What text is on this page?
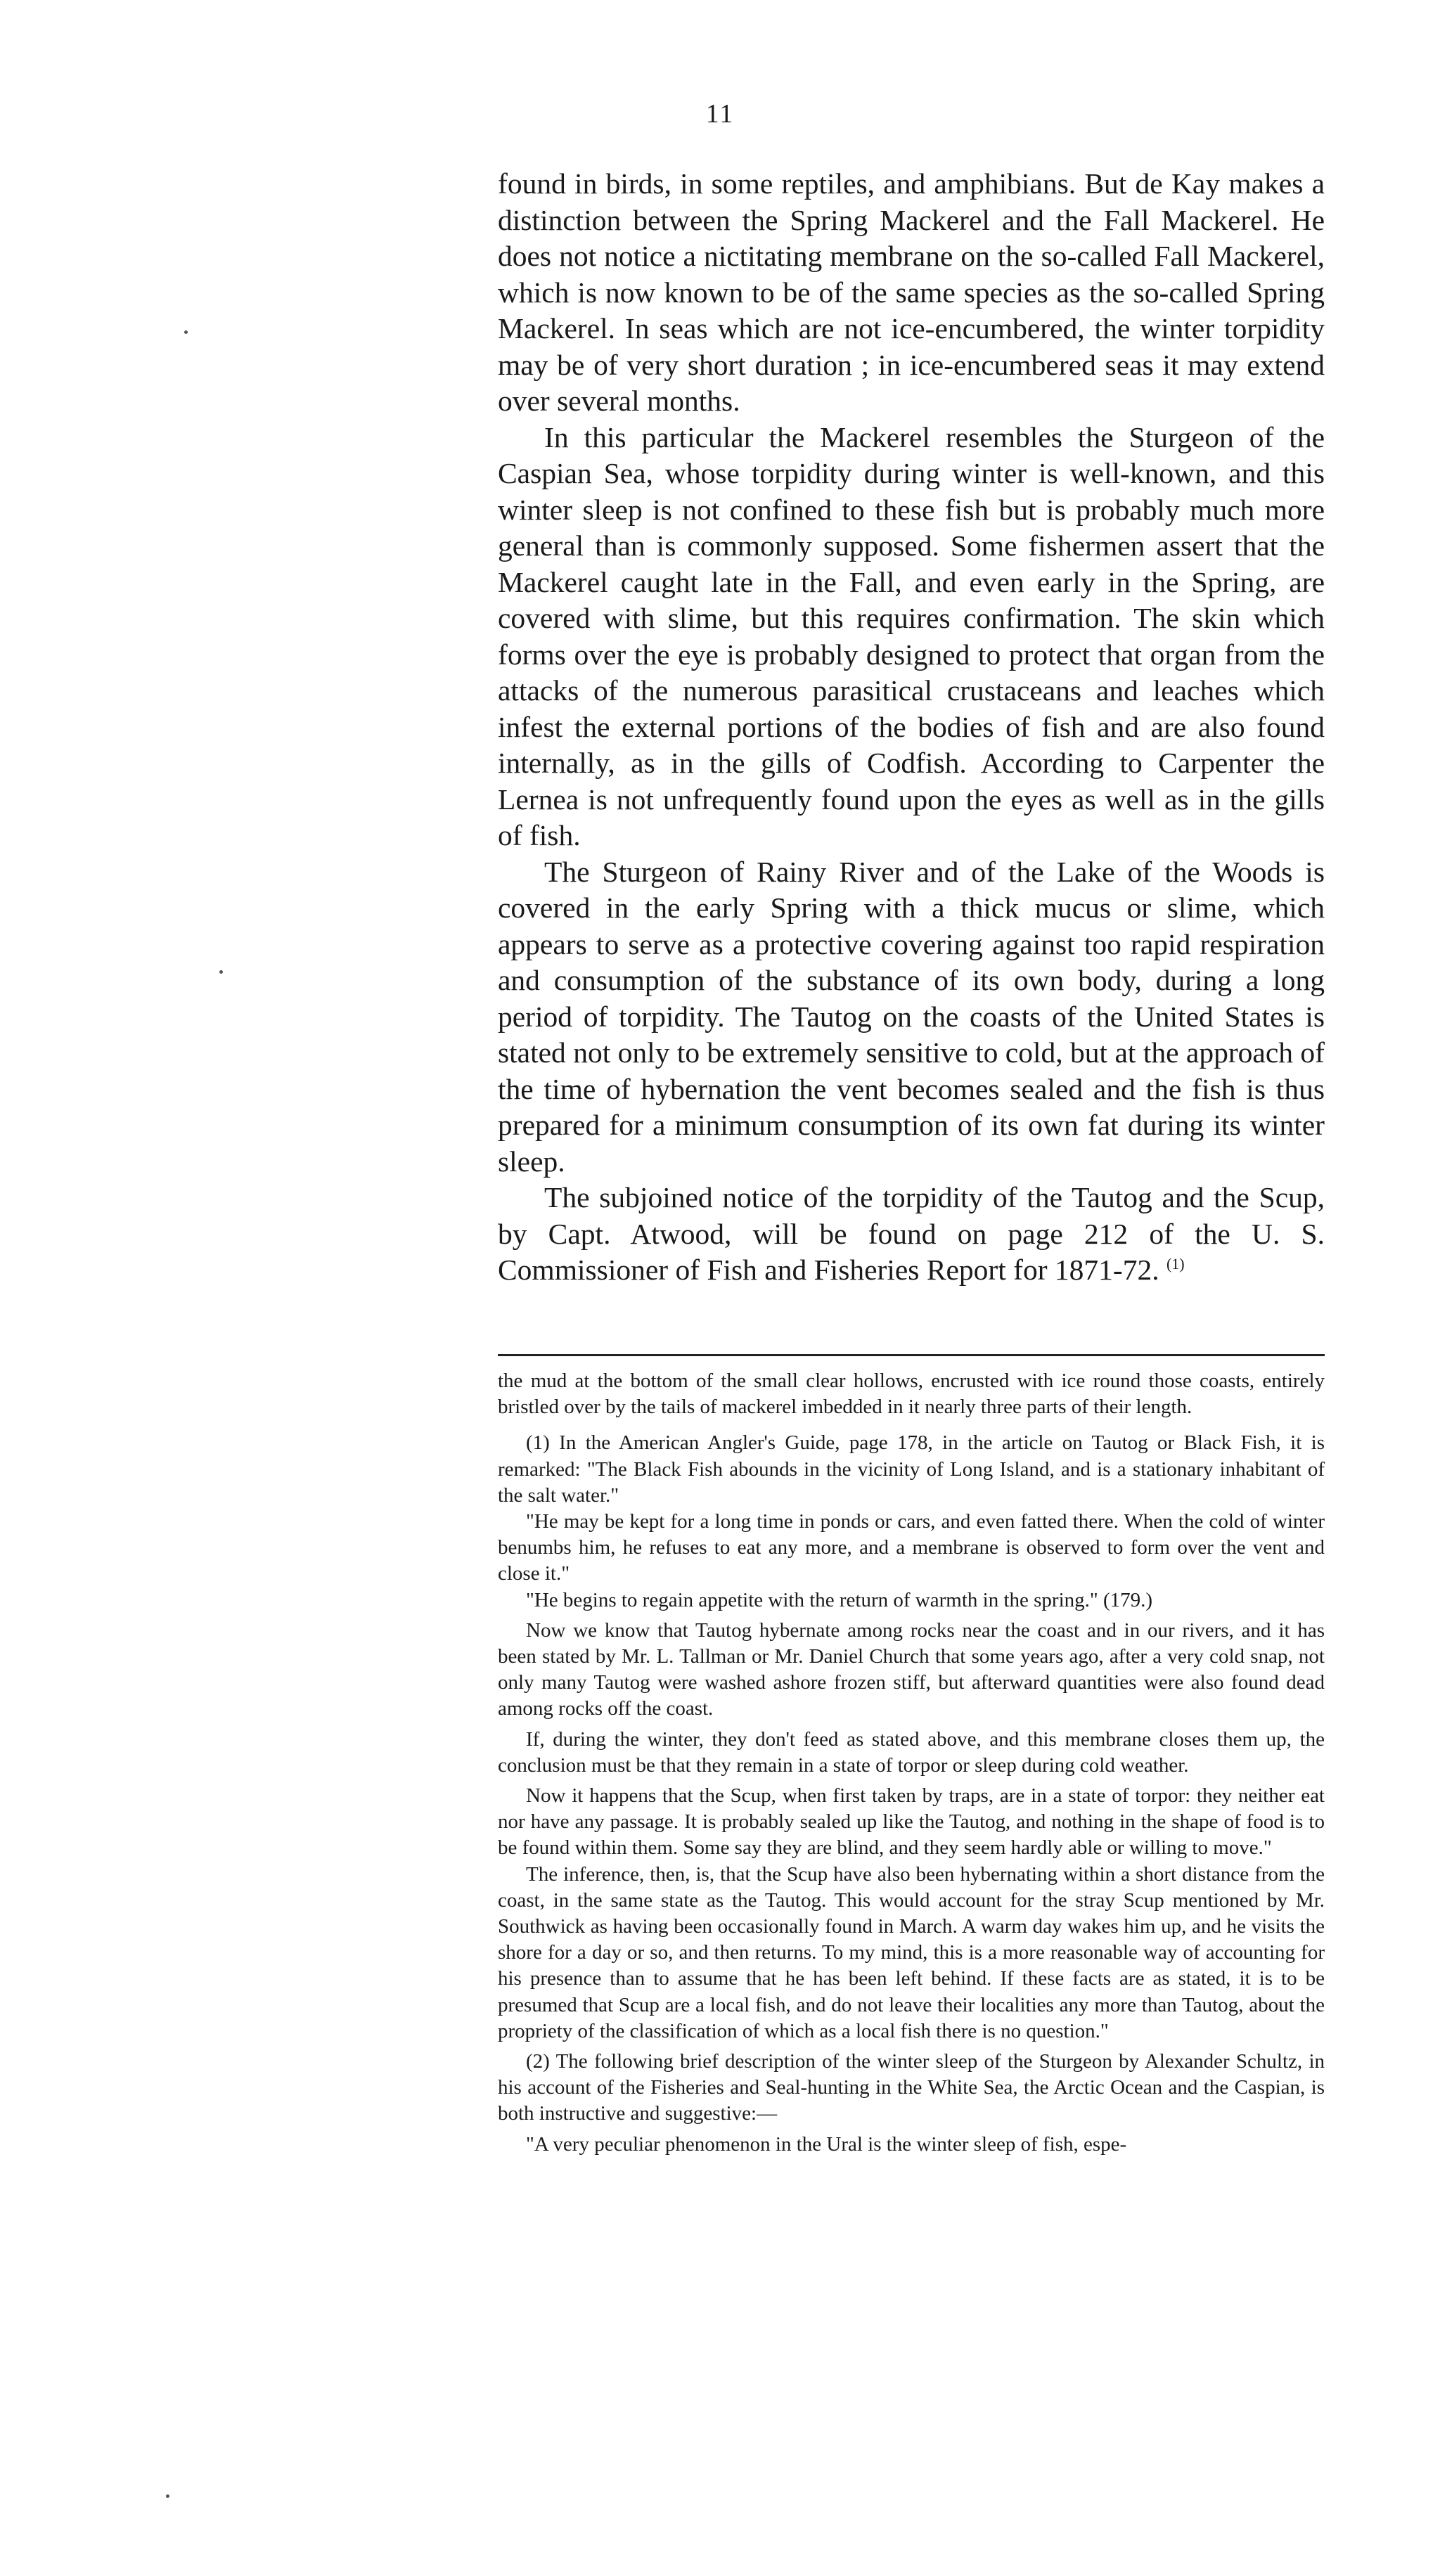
11

found in birds, in some reptiles, and amphibians. But de Kay makes a distinction between the Spring Mackerel and the Fall Mackerel. He does not notice a nictitating membrane on the so-called Fall Mackerel, which is now known to be of the same species as the so-called Spring Mackerel. In seas which are not ice-encumbered, the winter torpidity may be of very short duration ; in ice-encumbered seas it may extend over several months.

In this particular the Mackerel resembles the Sturgeon of the Caspian Sea, whose torpidity during winter is well-known, and this winter sleep is not confined to these fish but is probably much more general than is commonly supposed. Some fishermen assert that the Mackerel caught late in the Fall, and even early in the Spring, are covered with slime, but this requires confirmation. The skin which forms over the eye is probably designed to protect that organ from the attacks of the numerous parasitical crustaceans and leaches which infest the external portions of the bodies of fish and are also found internally, as in the gills of Codfish. According to Carpenter the Lernea is not unfrequently found upon the eyes as well as in the gills of fish.

The Sturgeon of Rainy River and of the Lake of the Woods is covered in the early Spring with a thick mucus or slime, which appears to serve as a protective covering against too rapid respiration and consumption of the substance of its own body, during a long period of torpidity. The Tautog on the coasts of the United States is stated not only to be extremely sensitive to cold, but at the approach of the time of hybernation the vent becomes sealed and the fish is thus prepared for a minimum consumption of its own fat during its winter sleep.

The subjoined notice of the torpidity of the Tautog and the Scup, by Capt. Atwood, will be found on page 212 of the U. S. Commissioner of Fish and Fisheries Report for 1871-72. $^{(1)}$

the mud at the bottom of the small clear hollows, encrusted with ice round those coasts, entirely bristled over by the tails of mackerel imbedded in it nearly three parts of their length.

(1) In the American Angler's Guide, page 178, in the article on Tautog or Black Fish, it is remarked: "The Black Fish abounds in the vicinity of Long Island, and is a stationary inhabitant of the salt water."

"He may be kept for a long time in ponds or cars, and even fatted there. When the cold of winter benumbs him, he refuses to eat any more, and a membrane is observed to form over the vent and close it."

"He begins to regain appetite with the return of warmth in the spring." (179.)

Now we know that Tautog hybernate among rocks near the coast and in our rivers, and it has been stated by Mr. L. Tallman or Mr. Daniel Church that some years ago, after a very cold snap, not only many Tautog were washed ashore frozen stiff, but afterward quantities were also found dead among rocks off the coast.

If, during the winter, they don't feed as stated above, and this membrane closes them up, the conclusion must be that they remain in a state of torpor or sleep during cold weather.

Now it happens that the Scup, when first taken by traps, are in a state of torpor: they neither eat nor have any passage. It is probably sealed up like the Tautog, and nothing in the shape of food is to be found within them. Some say they are blind, and they seem hardly able or willing to move."

The inference, then, is, that the Scup have also been hybernating within a short distance from the coast, in the same state as the Tautog. This would account for the stray Scup mentioned by Mr. Southwick as having been occasionally found in March. A warm day wakes him up, and he visits the shore for a day or so, and then returns. To my mind, this is a more reasonable way of accounting for his presence than to assume that he has been left behind. If these facts are as stated, it is to be presumed that Scup are a local fish, and do not leave their localities any more than Tautog, about the propriety of the classification of which as a local fish there is no question."

(2) The following brief description of the winter sleep of the Sturgeon by Alexander Schultz, in his account of the Fisheries and Seal-hunting in the White Sea, the Arctic Ocean and the Caspian, is both instructive and suggestive:—

"A very peculiar phenomenon in the Ural is the winter sleep of fish, espe-
